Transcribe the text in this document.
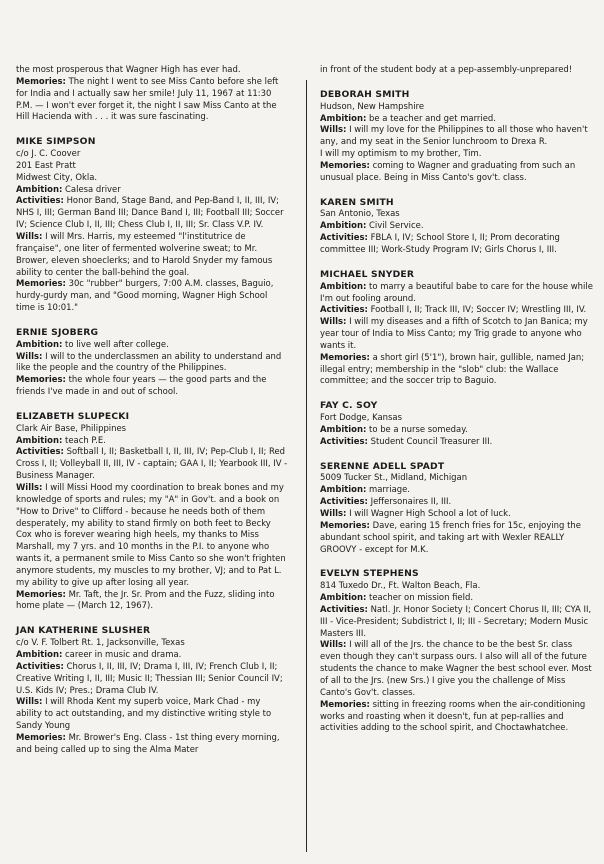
the most prosperous that Wagner High has ever had.

Memories: The night I went to see Miss Canto before she left for India and I actually saw her smile! July 11, 1967 at 11:30 P.M. — I won't ever forget it, the night I saw Miss Canto at the Hill Hacienda with . . . it was sure fascinating.

MIKE SIMPSON

c/o J. C. Coover
201 East Pratt
Midwest City, Okla.

Ambition: Calesa driver

Activities: Honor Band, Stage Band, and Pep-Band I, II, III, IV; NHS I, III; German Band III; Dance Band I, III; Football III; Soccer IV; Science Club I, II, III; Chess Club I, II, III; Sr. Class V.P. IV.

Wills: I will Mrs. Harris, my esteemed "l'institutrice de française", one liter of fermented wolverine sweat; to Mr. Brower, eleven shoeclerks; and to Harold Snyder my famous ability to center the ball-behind the goal.

Memories: 30c "rubber" burgers, 7:00 A.M. classes, Baguio, hurdy-gurdy man, and "Good morning, Wagner High School time is 10:01."

ERNIE SJOBERG

Ambition: to live well after college.

Wills: I will to the underclassmen an ability to understand and like the people and the country of the Philippines.

Memories: the whole four years — the good parts and the friends I've made in and out of school.

ELIZABETH SLUPECKI

Clark Air Base, Philippines

Ambition: teach P.E.

Activities: Softball I, II; Basketball I, II, III, IV; Pep-Club I, II; Red Cross I, II; Volleyball II, III, IV - captain; GAA I, II; Yearbook III, IV - Business Manager.

Wills: I will Missi Hood my coordination to break bones and my knowledge of sports and rules; my "A" in Gov't. and a book on "How to Drive" to Clifford - because he needs both of them desperately, my ability to stand firmly on both feet to Becky Cox who is forever wearing high heels, my thanks to Miss Marshall, my 7 yrs. and 10 months in the P.I. to anyone who wants it, a permanent smile to Miss Canto so she won't frighten anymore students, my muscles to my brother, VJ; and to Pat L. my ability to give up after losing all year.

Memories: Mr. Taft, the Jr. Sr. Prom and the Fuzz, sliding into home plate — (March 12, 1967).

JAN KATHERINE SLUSHER

c/o V. F. Tolbert Rt. 1, Jacksonville, Texas

Ambition: career in music and drama.

Activities: Chorus I, II, III, IV; Drama I, III, IV; French Club I, II; Creative Writing I, II, III; Music II; Thessian III; Senior Council IV; U.S. Kids IV; Pres.; Drama Club IV.

Wills: I will Rhoda Kent my superb voice, Mark Chad - my ability to act outstanding, and my distinctive writing style to Sandy Young

Memories: Mr. Brower's Eng. Class - 1st thing every morning, and being called up to sing the Alma Mater

in front of the student body at a pep-assembly-unprepared!

DEBORAH SMITH

Hudson, New Hampshire

Ambition: be a teacher and get married.

Wills: I will my love for the Philippines to all those who haven't any, and my seat in the Senior lunchroom to Drexa R.

I will my optimism to my brother, Tim.

Memories: coming to Wagner and graduating from such an unusual place. Being in Miss Canto's gov't. class.

KAREN SMITH

San Antonio, Texas

Ambition: Civil Service.

Activities: FBLA I, IV; School Store I, II; Prom decorating committee III; Work-Study Program IV; Girls Chorus I, III.

MICHAEL SNYDER

Ambition: to marry a beautiful babe to care for the house while I'm out fooling around.

Activities: Football I, II; Track III, IV; Soccer IV; Wrestling III, IV.

Wills: I will my diseases and a fifth of Scotch to Jan Banica; my year tour of India to Miss Canto; my Trig grade to anyone who wants it.

Memories: a short girl (5'1"), brown hair, gullible, named Jan; illegal entry; membership in the "slob" club: the Wallace committee; and the soccer trip to Baguio.

FAY C. SOY

Fort Dodge, Kansas

Ambition: to be a nurse someday.

Activities: Student Council Treasurer III.

SERENNE ADELL SPADT

5009 Tucker St., Midland, Michigan

Ambition: marriage.

Activities: Jeffersonaires II, III.

Wills: I will Wagner High School a lot of luck.

Memories: Dave, earing 15 french fries for 15c, enjoying the abundant school spirit, and taking art with Wexler REALLY GROOVY - except for M.K.

EVELYN STEPHENS

814 Tuxedo Dr., Ft. Walton Beach, Fla.

Ambition: teacher on mission field.

Activities: Natl. Jr. Honor Society I; Concert Chorus II, III; CYA II, III - Vice-President; Subdistrict I, II; III - Secretary; Modern Music Masters III.

Wills: I will all of the Jrs. the chance to be the best Sr. class even though they can't surpass ours. I also will all of the future students the chance to make Wagner the best school ever. Most of all to the Jrs. (new Srs.) I give you the challenge of Miss Canto's Gov't. classes.

Memories: sitting in freezing rooms when the air-conditioning works and roasting when it doesn't, fun at pep-rallies and activities adding to the school spirit, and Choctawhatchee.
